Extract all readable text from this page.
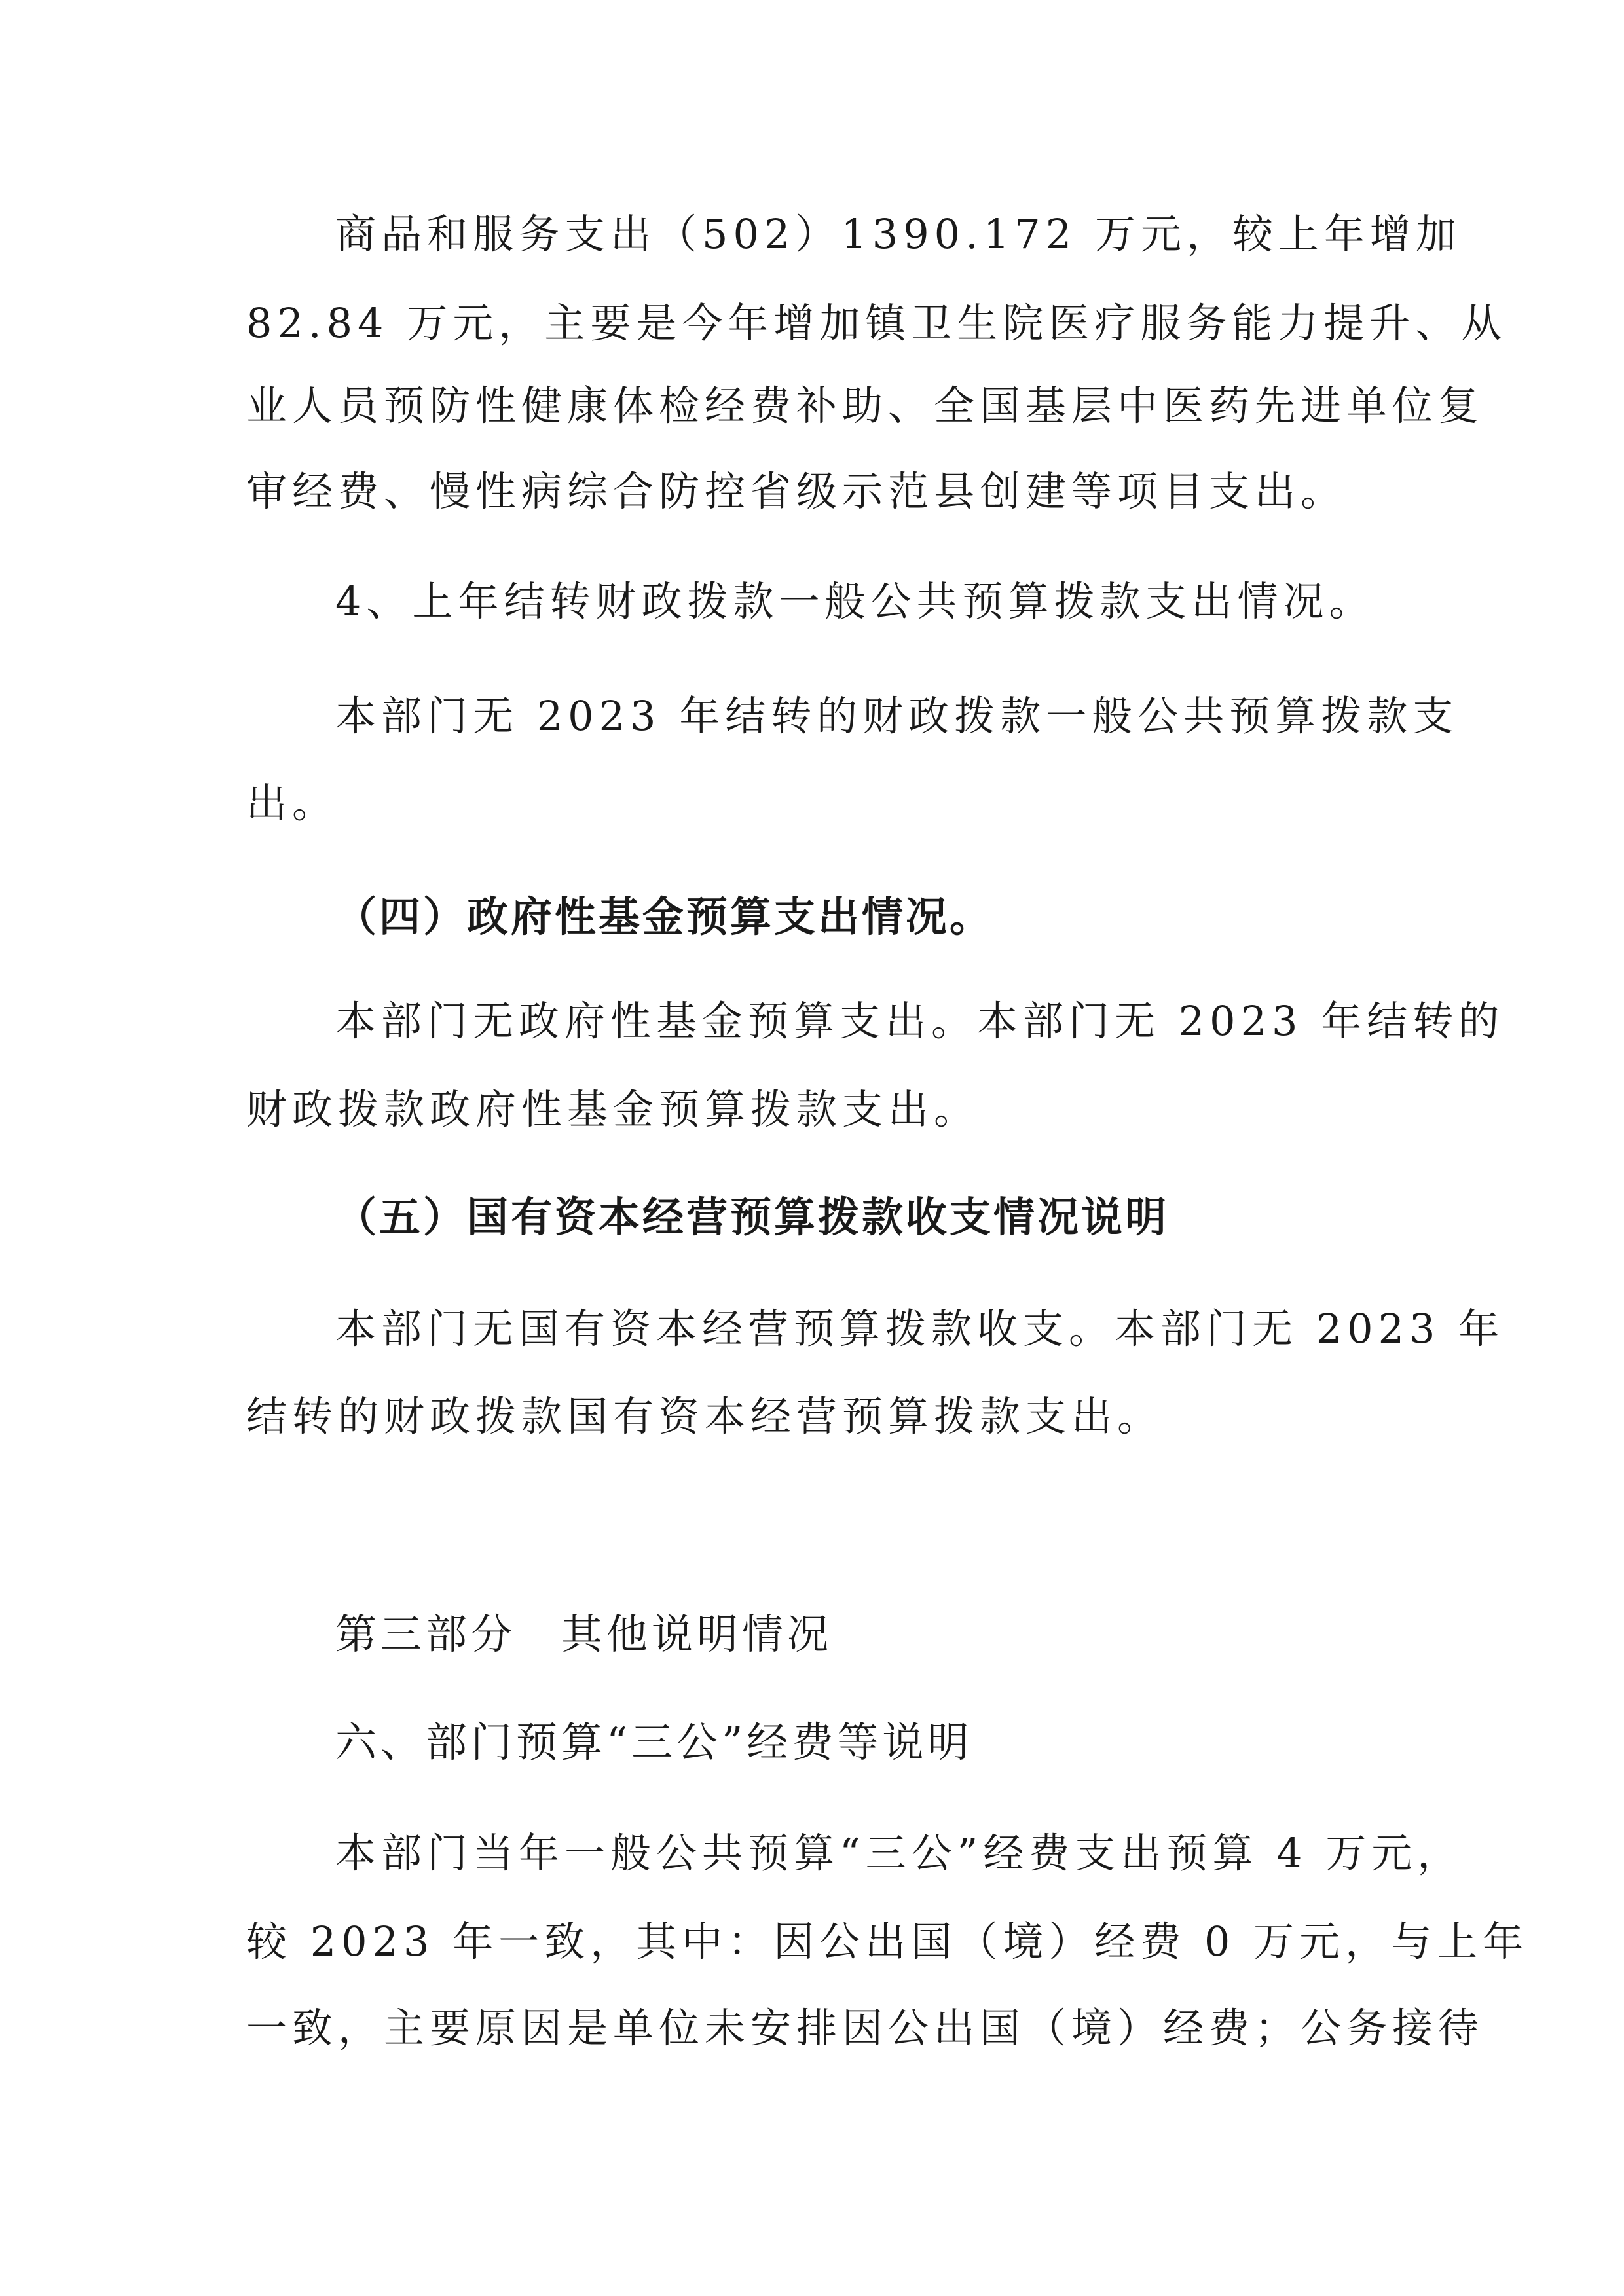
商品和服务支出（502）1390.172 万元，较上年增加
82.84 万元，主要是今年增加镇卫生院医疗服务能力提升、从
业人员预防性健康体检经费补助、全国基层中医药先进单位复
审经费、慢性病综合防控省级示范县创建等项目支出。
4、上年结转财政拨款一般公共预算拨款支出情况。
本部门无 2023 年结转的财政拨款一般公共预算拨款支
出。
（四）政府性基金预算支出情况。
本部门无政府性基金预算支出。本部门无 2023 年结转的
财政拨款政府性基金预算拨款支出。
（五）国有资本经营预算拨款收支情况说明
本部门无国有资本经营预算拨款收支。本部门无 2023 年
结转的财政拨款国有资本经营预算拨款支出。
第三部分　其他说明情况
六、部门预算“三公”经费等说明
本部门当年一般公共预算“三公”经费支出预算 4 万元，
较 2023 年一致，其中：因公出国（境）经费 0 万元，与上年
一致，主要原因是单位未安排因公出国（境）经费；公务接待
